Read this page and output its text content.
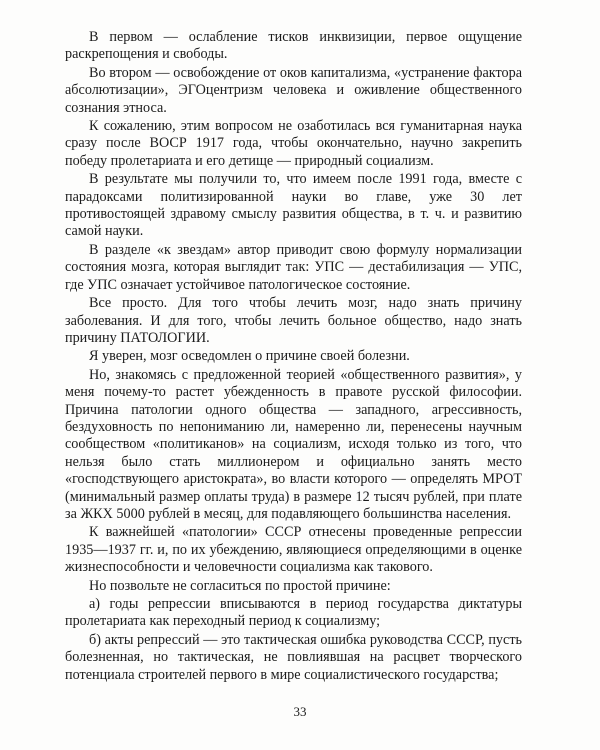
В первом — ослабление тисков инквизиции, первое ощущение раскрепощения и свободы.

Во втором — освобождение от оков капитализма, «устранение фактора абсолютизации», ЭГОцентризм человека и оживление общественного сознания этноса.

К сожалению, этим вопросом не озаботилась вся гуманитарная наука сразу после ВОСР 1917 года, чтобы окончательно, научно закрепить победу пролетариата и его детище — природный социализм.

В результате мы получили то, что имеем после 1991 года, вместе с парадоксами политизированной науки во главе, уже 30 лет противостоящей здравому смыслу развития общества, в т. ч. и развитию самой науки.

В разделе «к звездам» автор приводит свою формулу нормализации состояния мозга, которая выглядит так: УПС — дестабилизация — УПС, где УПС означает устойчивое патологическое состояние.

Все просто. Для того чтобы лечить мозг, надо знать причину заболевания. И для того, чтобы лечить больное общество, надо знать причину ПАТОЛОГИИ.

Я уверен, мозг осведомлен о причине своей болезни.

Но, знакомясь с предложенной теорией «общественного развития», у меня почему-то растет убежденность в правоте русской философии. Причина патологии одного общества — западного, агрессивность, бездуховность по непониманию ли, намеренно ли, перенесены научным сообществом «политиканов» на социализм, исходя только из того, что нельзя было стать миллионером и официально занять место «господствующего аристократа», во власти которого — определять МРОТ (минимальный размер оплаты труда) в размере 12 тысяч рублей, при плате за ЖКХ 5000 рублей в месяц, для подавляющего большинства населения.

К важнейшей «патологии» СССР отнесены проведенные репрессии 1935—1937 гг. и, по их убеждению, являющиеся определяющими в оценке жизнеспособности и человечности социализма как такового.

Но позвольте не согласиться по простой причине:

а) годы репрессии вписываются в период государства диктатуры пролетариата как переходный период к социализму;

б) акты репрессий — это тактическая ошибка руководства СССР, пусть болезненная, но тактическая, не повлиявшая на расцвет творческого потенциала строителей первого в мире социалистического государства;

33
